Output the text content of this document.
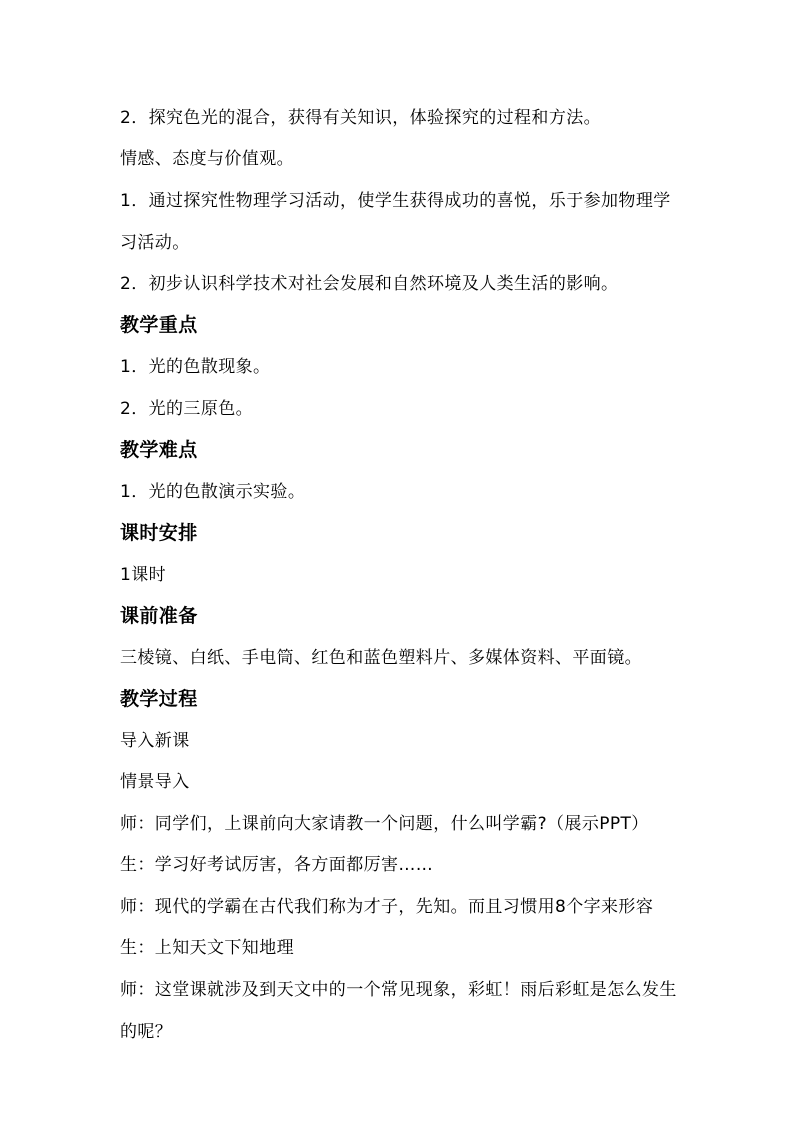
2．探究色光的混合，获得有关知识，体验探究的过程和方法。
情感、态度与价值观。
1．通过探究性物理学习活动，使学生获得成功的喜悦，乐于参加物理学
习活动。
2．初步认识科学技术对社会发展和自然环境及人类生活的影响。
教学重点
1．光的色散现象。
2．光的三原色。
教学难点
1．光的色散演示实验。
课时安排
1课时
课前准备
三棱镜、白纸、手电筒、红色和蓝色塑料片、多媒体资料、平面镜。
教学过程
导入新课
情景导入
师：同学们，上课前向大家请教一个问题，什么叫学霸?（展示PPT）
生：学习好考试厉害，各方面都厉害……
师：现代的学霸在古代我们称为才子，先知。而且习惯用8个字来形容
生：上知天文下知地理
师：这堂课就涉及到天文中的一个常见现象，彩虹！雨后彩虹是怎么发生
的呢？
